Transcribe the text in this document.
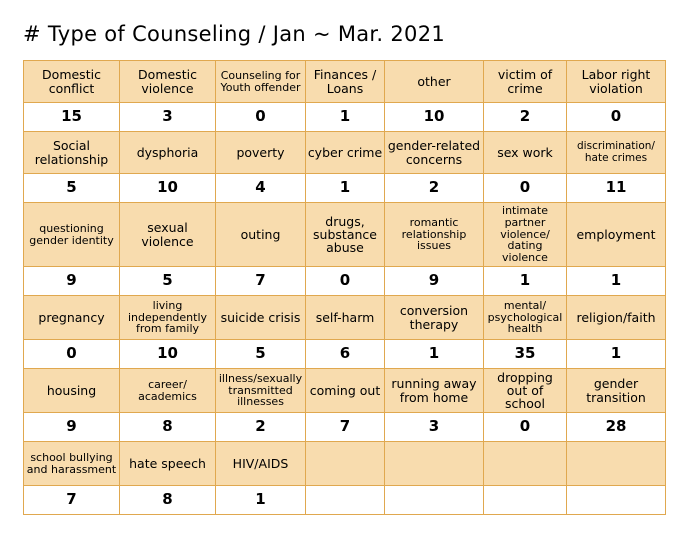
# Type of Counseling / Jan ~ Mar. 2021
Domestic conflict	Domestic violence	Counseling for Youth offender	Finances / Loans	other	victim of crime	Labor right violation
15	3	0	1	10	2	0
Social relationship	dysphoria	poverty	cyber crime	gender-related concerns	sex work	discrimination/ hate crimes
5	10	4	1	2	0	11
questioning gender identity	sexual violence	outing	drugs, substance abuse	romantic relationship issues	intimate partner violence/ dating violence	employment
9	5	7	0	9	1	1
pregnancy	living independently from family	suicide crisis	self-harm	conversion therapy	mental/ psychological health	religion/faith
0	10	5	6	1	35	1
housing	career/ academics	illness/sexually transmitted illnesses	coming out	running away from home	dropping out of school	gender transition
9	8	2	7	3	0	28
school bullying and harassment	hate speech	HIV/AIDS				
7	8	1				
